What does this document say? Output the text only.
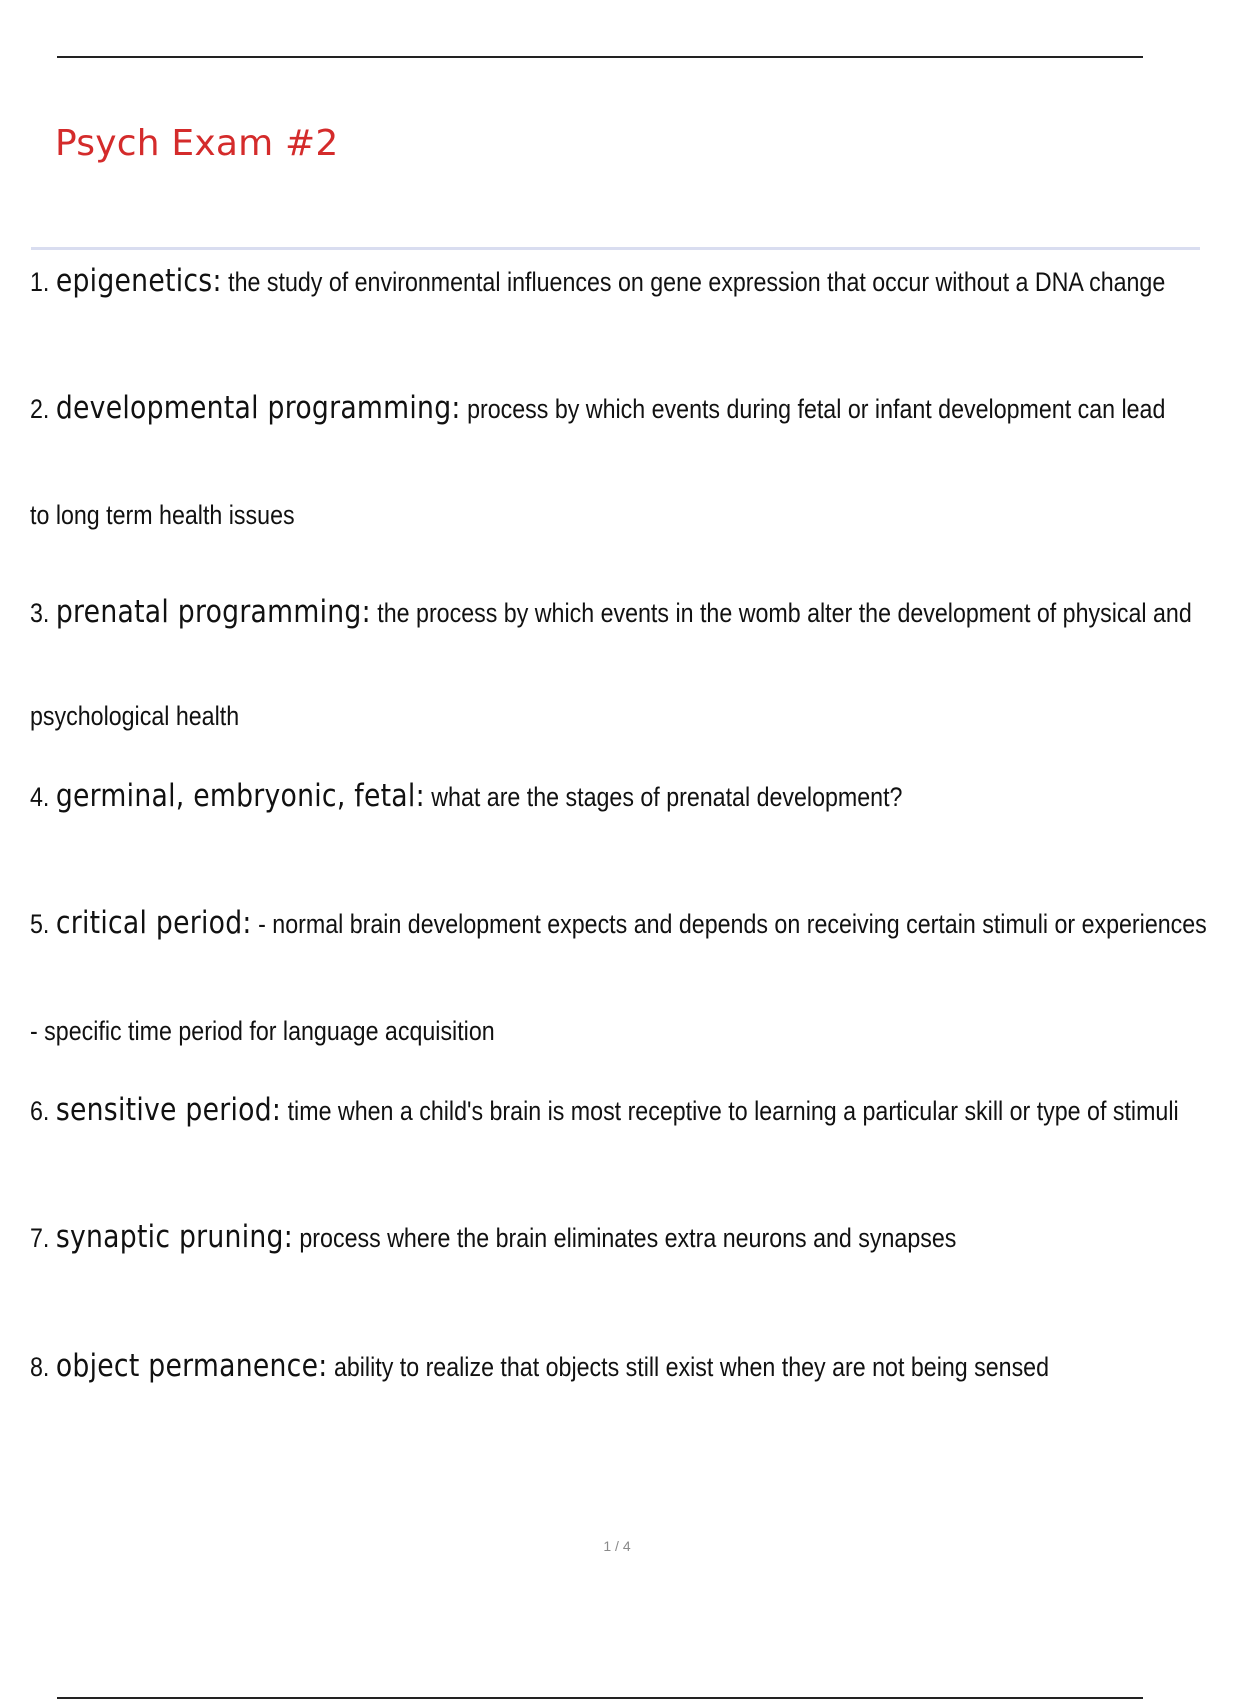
Psych Exam #2

1. epigenetics: the study of environmental influences on gene expression that occur without a DNA change

2. developmental programming: process by which events during fetal or infant development can lead

to long term health issues

3. prenatal programming: the process by which events in the womb alter the development of physical and

psychological health

4. germinal, embryonic, fetal: what are the stages of prenatal development?

5. critical period: - normal brain development expects and depends on receiving certain stimuli or experiences

- specific time period for language acquisition

6. sensitive period: time when a child's brain is most receptive to learning a particular skill or type of stimuli

7. synaptic pruning: process where the brain eliminates extra neurons and synapses

8. object permanence: ability to realize that objects still exist when they are not being sensed

1 / 4
